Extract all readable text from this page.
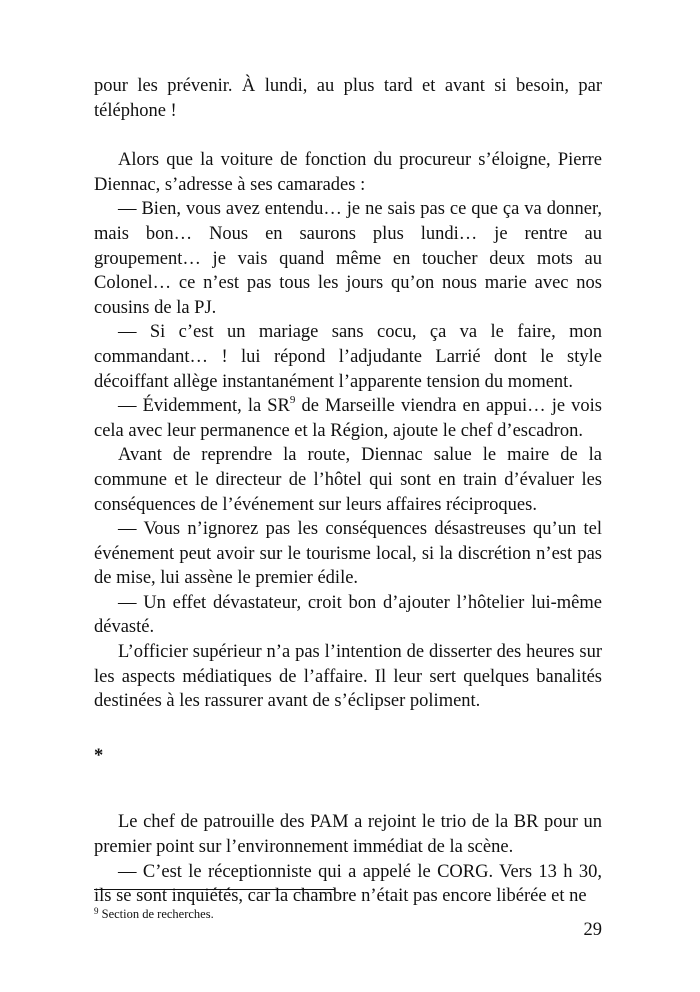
pour les prévenir. À lundi, au plus tard et avant si besoin, par téléphone !

Alors que la voiture de fonction du procureur s’éloigne, Pierre Diennac, s’adresse à ses camarades :

— Bien, vous avez entendu… je ne sais pas ce que ça va donner, mais bon… Nous en saurons plus lundi… je rentre au groupement… je vais quand même en toucher deux mots au Colonel… ce n’est pas tous les jours qu’on nous marie avec nos cousins de la PJ.

— Si c’est un mariage sans cocu, ça va le faire, mon commandant… ! lui répond l’adjudante Larrié dont le style décoiffant allège instantanément l’apparente tension du moment.

— Évidemment, la $SR^9$ de Marseille viendra en appui… je vois cela avec leur permanence et la Région, ajoute le chef d’escadron.

Avant de reprendre la route, Diennac salue le maire de la commune et le directeur de l’hôtel qui sont en train d’évaluer les conséquences de l’événement sur leurs affaires réciproques.

— Vous n’ignorez pas les conséquences désastreuses qu’un tel événement peut avoir sur le tourisme local, si la discrétion n’est pas de mise, lui assène le premier édile.

— Un effet dévastateur, croit bon d’ajouter l’hôtelier lui-même dévasté.

L’officier supérieur n’a pas l’intention de disserter des heures sur les aspects médiatiques de l’affaire. Il leur sert quelques banalités destinées à les rassurer avant de s’éclipser poliment.

*

Le chef de patrouille des PAM a rejoint le trio de la BR pour un premier point sur l’environnement immédiat de la scène.

— C’est le réceptionniste qui a appelé le CORG. Vers 13 h 30, ils se sont inquiétés, car la chambre n’était pas encore libérée et ne

$^9$ Section de recherches.
29
